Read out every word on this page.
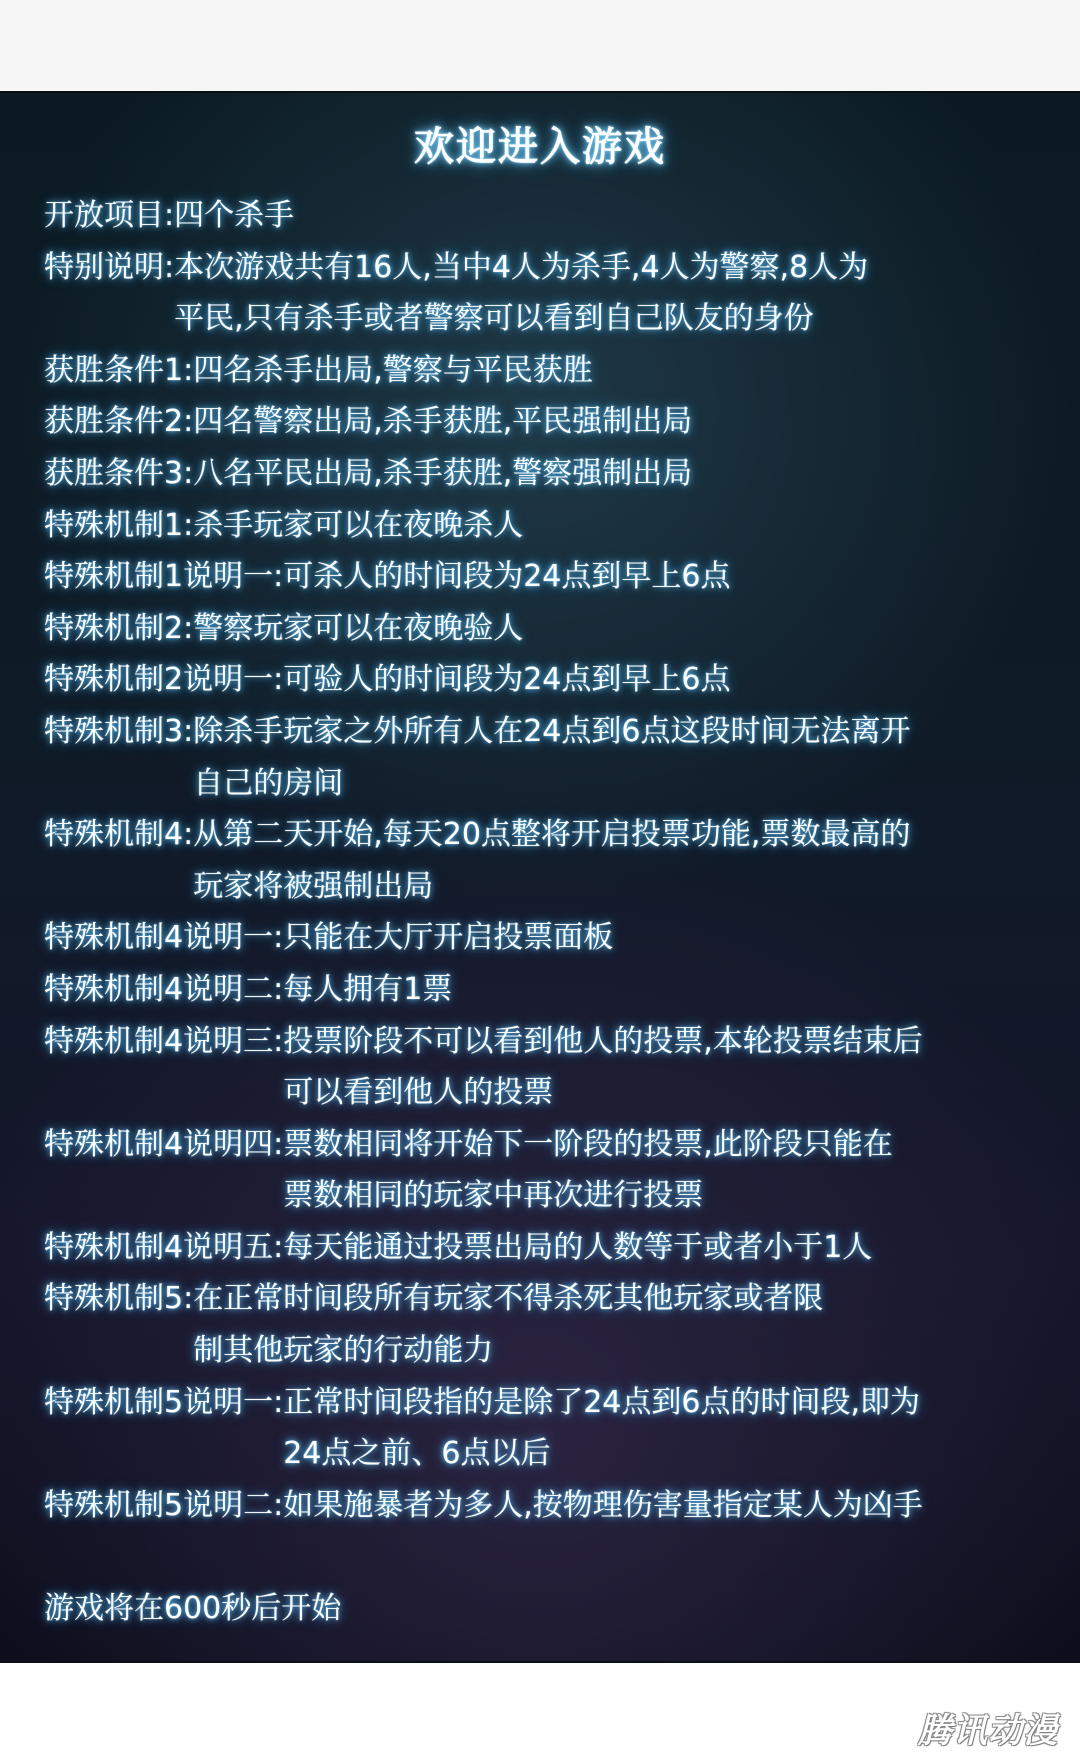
欢迎进入游戏
开放项目: 四个杀手
特别说明: 本次游戏共有16人,当中4人为杀手,4人为警察,8人为
平民,只有杀手或者警察可以看到自己队友的身份
获胜条件1: 四名杀手出局,警察与平民获胜
获胜条件2: 四名警察出局,杀手获胜,平民强制出局
获胜条件3: 八名平民出局,杀手获胜,警察强制出局
特殊机制1: 杀手玩家可以在夜晚杀人
特殊机制1说明一: 可杀人的时间段为24点到早上6点
特殊机制2: 警察玩家可以在夜晚验人
特殊机制2说明一: 可验人的时间段为24点到早上6点
特殊机制3: 除杀手玩家之外所有人在24点到6点这段时间无法离开
自己的房间
特殊机制4: 从第二天开始,每天20点整将开启投票功能,票数最高的
玩家将被强制出局
特殊机制4说明一: 只能在大厅开启投票面板
特殊机制4说明二: 每人拥有1票
特殊机制4说明三: 投票阶段不可以看到他人的投票,本轮投票结束后
可以看到他人的投票
特殊机制4说明四: 票数相同将开始下一阶段的投票,此阶段只能在
票数相同的玩家中再次进行投票
特殊机制4说明五: 每天能通过投票出局的人数等于或者小于1人
特殊机制5: 在正常时间段所有玩家不得杀死其他玩家或者限
制其他玩家的行动能力
特殊机制5说明一: 正常时间段指的是除了24点到6点的时间段,即为
24点之前、6点以后
特殊机制5说明二: 如果施暴者为多人,按物理伤害量指定某人为凶手
游戏将在600秒后开始
腾讯动漫
